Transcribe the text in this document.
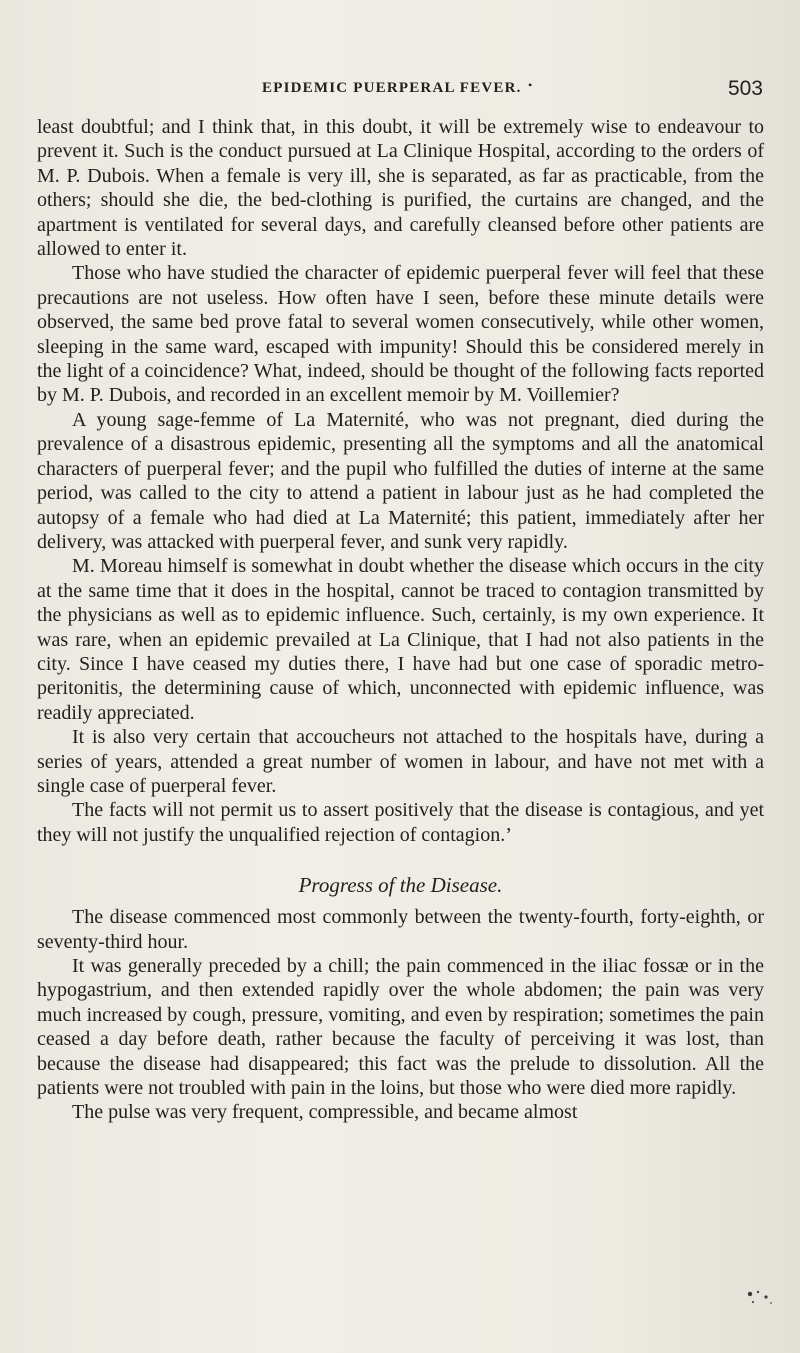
EPIDEMIC PUERPERAL FEVER. •	503

least doubtful; and I think that, in this doubt, it will be extremely wise to endeavour to prevent it. Such is the conduct pursued at La Clinique Hospital, according to the orders of M. P. Dubois. When a female is very ill, she is separated, as far as practicable, from the others; should she die, the bed-clothing is purified, the curtains are changed, and the apartment is ventilated for several days, and carefully cleansed before other patients are allowed to enter it.

Those who have studied the character of epidemic puerperal fever will feel that these precautions are not useless. How often have I seen, before these minute details were observed, the same bed prove fatal to several women consecutively, while other women, sleeping in the same ward, escaped with impunity! Should this be considered merely in the light of a coincidence? What, indeed, should be thought of the following facts reported by M. P. Dubois, and recorded in an excellent memoir by M. Voillemier?

A young sage-femme of La Maternité, who was not pregnant, died during the prevalence of a disastrous epidemic, presenting all the symptoms and all the anatomical characters of puerperal fever; and the pupil who fulfilled the duties of interne at the same period, was called to the city to attend a patient in labour just as he had completed the autopsy of a female who had died at La Maternité; this patient, immediately after her delivery, was attacked with puerperal fever, and sunk very rapidly.

M. Moreau himself is somewhat in doubt whether the disease which occurs in the city at the same time that it does in the hospital, cannot be traced to contagion transmitted by the physicians as well as to epidemic influence. Such, certainly, is my own experience. It was rare, when an epidemic prevailed at La Clinique, that I had not also patients in the city. Since I have ceased my duties there, I have had but one case of sporadic metro-peritonitis, the determining cause of which, unconnected with epidemic influence, was readily appreciated.

It is also very certain that accoucheurs not attached to the hospitals have, during a series of years, attended a great number of women in labour, and have not met with a single case of puerperal fever.

The facts will not permit us to assert positively that the disease is contagious, and yet they will not justify the unqualified rejection of contagion.’

Progress of the Disease.

The disease commenced most commonly between the twenty-fourth, forty-eighth, or seventy-third hour.

It was generally preceded by a chill; the pain commenced in the iliac fossæ or in the hypogastrium, and then extended rapidly over the whole abdomen; the pain was very much increased by cough, pressure, vomiting, and even by respiration; sometimes the pain ceased a day before death, rather because the faculty of perceiving it was lost, than because the disease had disappeared; this fact was the prelude to dissolution. All the patients were not troubled with pain in the loins, but those who were died more rapidly.

The pulse was very frequent, compressible, and became almost
